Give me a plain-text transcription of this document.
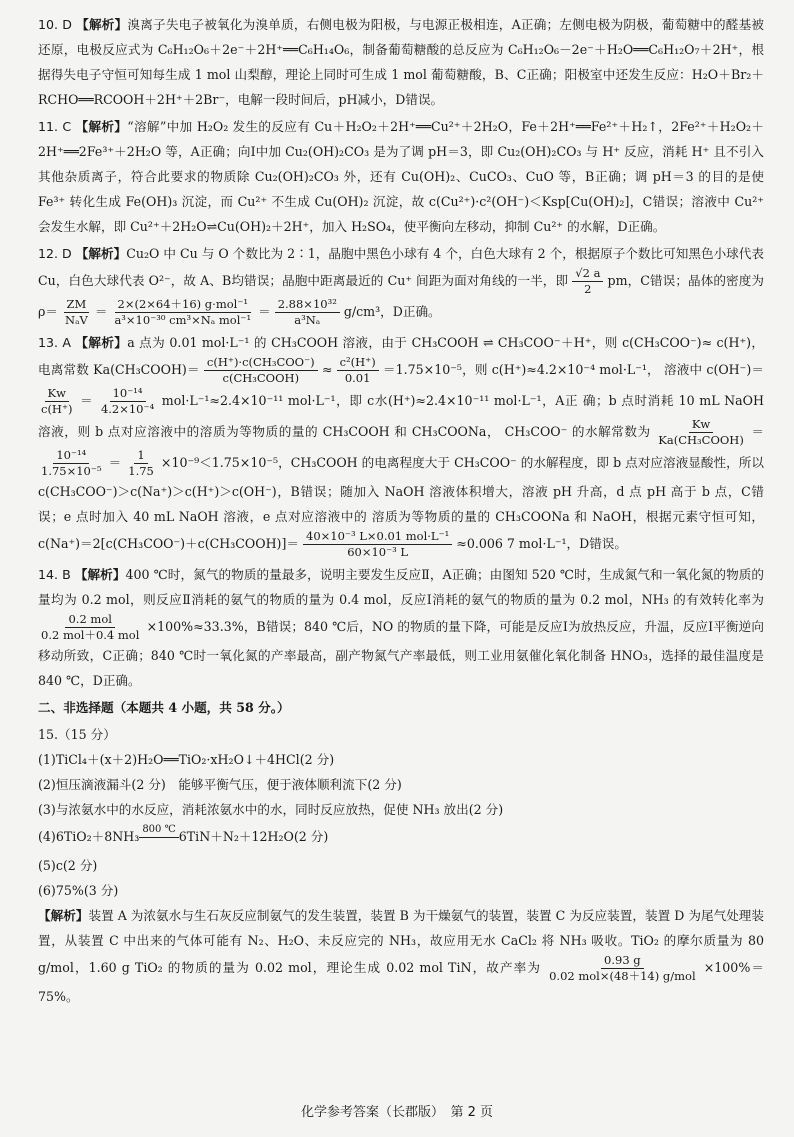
10. D 【解析】溴离子失电子被氧化为溴单质，右侧电极为阳极，与电源正极相连，A正确；左侧电极为阴极，葡萄糖中的醛基被还原，电极反应式为 C₆H₁₂O₆＋2e⁻＋2H⁺══C₆H₁₄O₆，制备葡萄糖酸的总反应为 C₆H₁₂O₆－2e⁻＋H₂O══C₆H₁₂O₇＋2H⁺，根据得失电子守恒可知每生成 1 mol 山梨醇，理论上同时可生成 1 mol 葡萄糖酸，B、C正确；阳极室中还发生反应：H₂O＋Br₂＋RCHO══RCOOH＋2H⁺＋2Br⁻，电解一段时间后，pH减小，D错误。

11. C 【解析】“溶解”中加 H₂O₂ 发生的反应有 Cu＋H₂O₂＋2H⁺══Cu²⁺＋2H₂O，Fe＋2H⁺══Fe²⁺＋H₂↑，2Fe²⁺＋H₂O₂＋2H⁺══2Fe³⁺＋2H₂O 等，A正确；向Ⅰ中加 Cu₂(OH)₂CO₃ 是为了调 pH＝3，即 Cu₂(OH)₂CO₃ 与 H⁺ 反应，消耗 H⁺ 且不引入其他杂质离子，符合此要求的物质除 Cu₂(OH)₂CO₃ 外，还有 Cu(OH)₂、CuCO₃、CuO 等，B正确；调 pH＝3 的目的是使 Fe³⁺ 转化生成 Fe(OH)₃ 沉淀，而 Cu²⁺ 不生成 Cu(OH)₂ 沉淀，故 c(Cu²⁺)·c²(OH⁻)＜Ksp[Cu(OH)₂]，C错误；溶液中 Cu²⁺ 会发生水解，即 Cu²⁺＋2H₂O⇌Cu(OH)₂＋2H⁺，加入 H₂SO₄，使平衡向左移动，抑制 Cu²⁺ 的水解，D正确。

12. D 【解析】Cu₂O 中 Cu 与 O 个数比为 2∶1，晶胞中黑色小球有 4 个，白色大球有 2 个，根据原子个数比可知黑色小球代表 Cu，白色大球代表 O²⁻，故 A、B均错误；晶胞中距离最近的 Cu⁺ 间距为面对角线的一半，即 $\frac{√2 a}{2}$ pm，C错误；晶体的密度为 $\rho= \frac{ZM}{\text{NₐV}} = \frac{\text{2×(2×64＋16) g·mol⁻¹}}{\text{a³×10⁻³⁰ cm³×Nₐ mol⁻¹}} = \frac{\text{2.88×10³²}}{\text{a³Nₐ}} g/cm^3$，D正确。

13. A 【解析】a 点为 0.01 mol·L⁻¹ 的 CH₃COOH 溶液，由于 CH₃COOH ⇌ CH₃COO⁻＋H⁺，则 c(CH₃COO⁻)≈ c(H⁺)，电离常数 Ka(CH₃COOH)＝ $\frac{\text{c(H⁺)·c(CH₃COO⁻)}}{\text{c(CH₃COOH)}} \approx \frac{\text{c²(H⁺)}}{0.01} =1.75\times 10^{-5}$，则 c(H⁺)≈4.2×10⁻⁴ mol·L⁻¹， 溶液中 c(OH⁻)＝
$\frac{Kw}{c(H^+)} = \frac{\text{10⁻¹⁴}}{\text{4.2×10⁻⁴}} mol\cdot L^{-1}\approx 2.4\times 10^{-11}$ mol·L⁻¹，即 c水(H⁺)≈2.4×10⁻¹¹ mol·L⁻¹，A正 确；b 点时消耗 10 mL NaOH 溶液，则 b 点对应溶液中的溶质为等物质的量的 CH₃COOH 和 CH₃COONa， CH₃COO⁻ 的水解常数为 $\frac{Kw}{\text{Ka(CH₃COOH)}}$ ＝
$\frac{\text{10⁻¹⁴}}{\text{1.75×10⁻⁵}} = \frac{1}{1.75} \times 10^{-9}<1.75\times 10^{-5}$，CH₃COOH 的电离程度大于 CH₃COO⁻ 的水解程度，即 b 点对应溶液显酸性，所以 c(CH₃COO⁻)＞c(Na⁺)＞c(H⁺)＞c(OH⁻)，B错误；随加入 NaOH 溶液体积增大，溶液 pH 升高，d 点 pH 高于 b 点，C错误；e 点时加入 40 mL NaOH 溶液，e 点对应溶液中的 溶质为等物质的量的 CH₃COONa 和 NaOH，根据元素守恒可知，c(Na⁺)＝2[c(CH₃COO⁻)＋c(CH₃COOH)]＝ $\frac{\text{40×10⁻³ L×0.01 mol·L⁻¹}}{\text{60×10⁻³ L}} \approx 0.006$ 7 mol·L⁻¹，D错误。

14. B 【解析】400 ℃时，氮气的物质的量最多，说明主要发生反应Ⅱ，A正确；由图知 520 ℃时，生成氮气和一氧化氮的物质的量均为 0.2 mol，则反应Ⅱ消耗的氨气的物质的量为 0.4 mol，反应Ⅰ消耗的氨气的物质的量为 0.2 mol，NH₃ 的有效转化率为
$\frac{\text{0.2 mol}}{\text{0.2 mol＋0.4 mol}} \times 100\%\approx 33.3\%$，B错误；840 ℃后，NO 的物质的量下降，可能是反应Ⅰ为放热反应，升温，反应Ⅰ平衡逆向移动所致，C正确；840 ℃时一氧化氮的产率最高，副产物氮气产率最低，则工业用氨催化氧化制备 HNO₃，选择的最佳温度是 840 ℃，D正确。

二、非选择题（本题共 4 小题，共 58 分。）

15.（15 分）

(1)TiCl₄＋(x＋2)H₂O══TiO₂·xH₂O↓＋4HCl(2 分)

(2)恒压滴液漏斗(2 分)　能够平衡气压，便于液体顺利流下(2 分)

(3)与浓氨水中的水反应，消耗浓氨水中的水，同时反应放热，促使 NH₃ 放出(2 分)

(4)6TiO₂＋8NH₃ 800 ℃
6TiN＋N₂＋12H₂O(2 分)

(5)c(2 分)

(6)75%(3 分)

【解析】装置 A 为浓氨水与生石灰反应制氨气的发生装置，装置 B 为干燥氨气的装置，装置 C 为反应装置，装置 D 为尾气处理装置，从装置 C 中出来的气体可能有 N₂、H₂O、未反应完的 NH₃，故应用无水 CaCl₂ 将 NH₃ 吸收。TiO₂ 的摩尔质量为 80 g/mol，1.60 g TiO₂ 的物质的量为 0.02 mol，理论生成 0.02 mol TiN，故产率为 $\frac{0.93 g}{\text{0.02 mol×(48＋14) g/mol}} \times 100\%=75\%$。

化学参考答案（长郡版）　第 2 页
